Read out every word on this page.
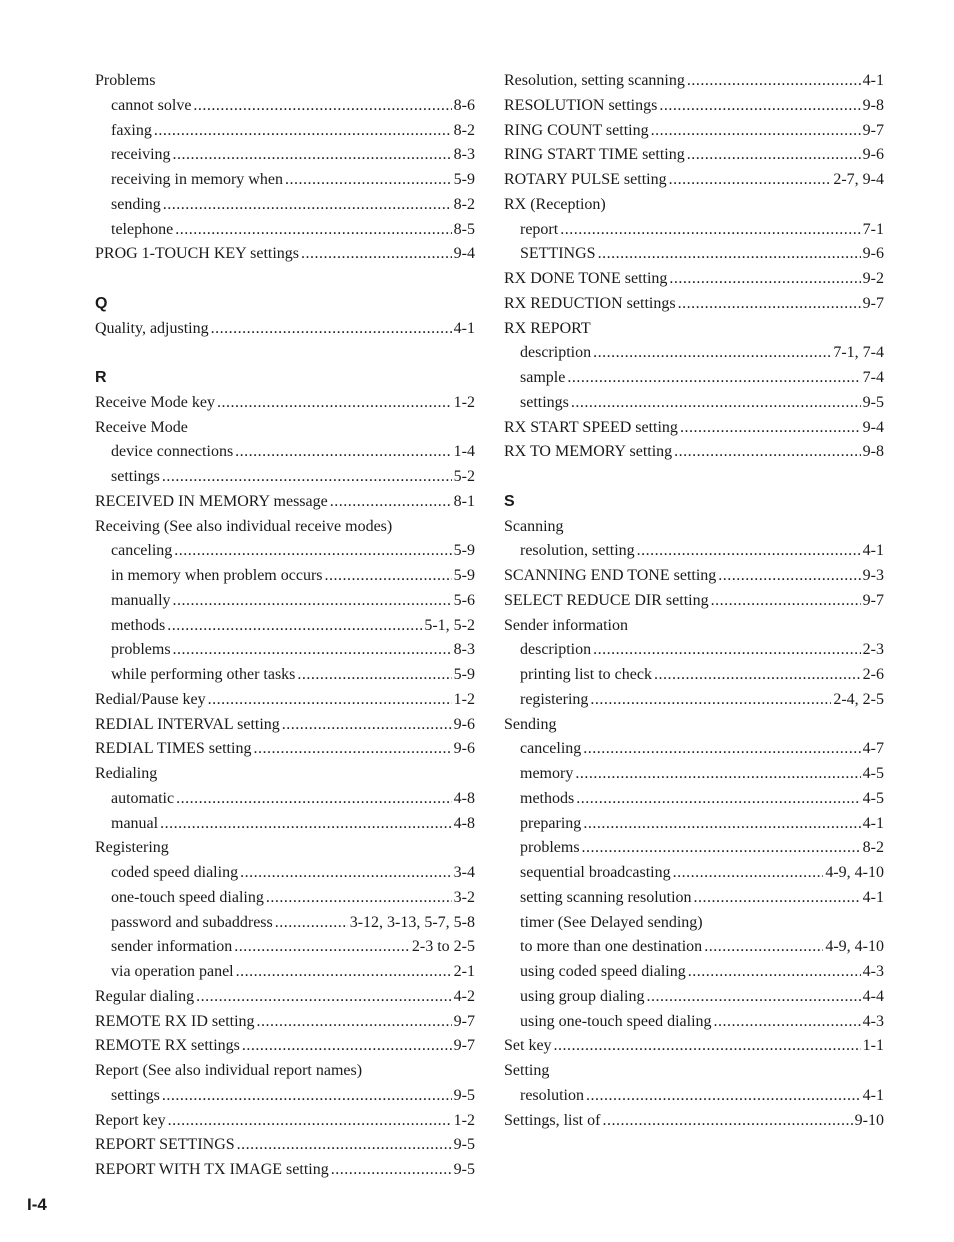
Problems
cannot solve .....	8-6
faxing .....	8-2
receiving .....	8-3
receiving in memory when .....	5-9
sending .....	8-2
telephone .....	8-5
PROG 1-TOUCH KEY settings .....	9-4
Q
Quality, adjusting .....	4-1
R
Receive Mode key .....	1-2
Receive Mode
device connections .....	1-4
settings .....	5-2
RECEIVED IN MEMORY message .....	8-1
Receiving (See also individual receive modes)
canceling .....	5-9
in memory when problem occurs .....	5-9
manually .....	5-6
methods .....	5-1, 5-2
problems .....	8-3
while performing other tasks .....	5-9
Redial/Pause key .....	1-2
REDIAL INTERVAL setting .....	9-6
REDIAL TIMES setting .....	9-6
Redialing
automatic .....	4-8
manual .....	4-8
Registering
coded speed dialing .....	3-4
one-touch speed dialing .....	3-2
password and subaddress .....	3-12, 3-13, 5-7, 5-8
sender information .....	2-3 to 2-5
via operation panel .....	2-1
Regular dialing .....	4-2
REMOTE RX ID setting .....	9-7
REMOTE RX settings .....	9-7
Report (See also individual report names)
settings .....	9-5
Report key .....	1-2
REPORT SETTINGS .....	9-5
REPORT WITH TX IMAGE setting .....	9-5
Resolution, setting scanning .....	4-1
RESOLUTION settings .....	9-8
RING COUNT setting .....	9-7
RING START TIME setting .....	9-6
ROTARY PULSE setting .....	2-7, 9-4
RX (Reception)
report .....	7-1
SETTINGS .....	9-6
RX DONE TONE setting .....	9-2
RX REDUCTION settings .....	9-7
RX REPORT
description .....	7-1, 7-4
sample .....	7-4
settings .....	9-5
RX START SPEED setting .....	9-4
RX TO MEMORY setting .....	9-8
S
Scanning
resolution, setting .....	4-1
SCANNING END TONE setting .....	9-3
SELECT REDUCE DIR setting .....	9-7
Sender information
description .....	2-3
printing list to check .....	2-6
registering .....	2-4, 2-5
Sending
canceling .....	4-7
memory .....	4-5
methods .....	4-5
preparing .....	4-1
problems .....	8-2
sequential broadcasting .....	4-9, 4-10
setting scanning resolution .....	4-1
timer (See Delayed sending)
to more than one destination .....	4-9, 4-10
using coded speed dialing .....	4-3
using group dialing .....	4-4
using one-touch speed dialing .....	4-3
Set key .....	1-1
Setting
resolution .....	4-1
Settings, list of .....	9-10
I-4
